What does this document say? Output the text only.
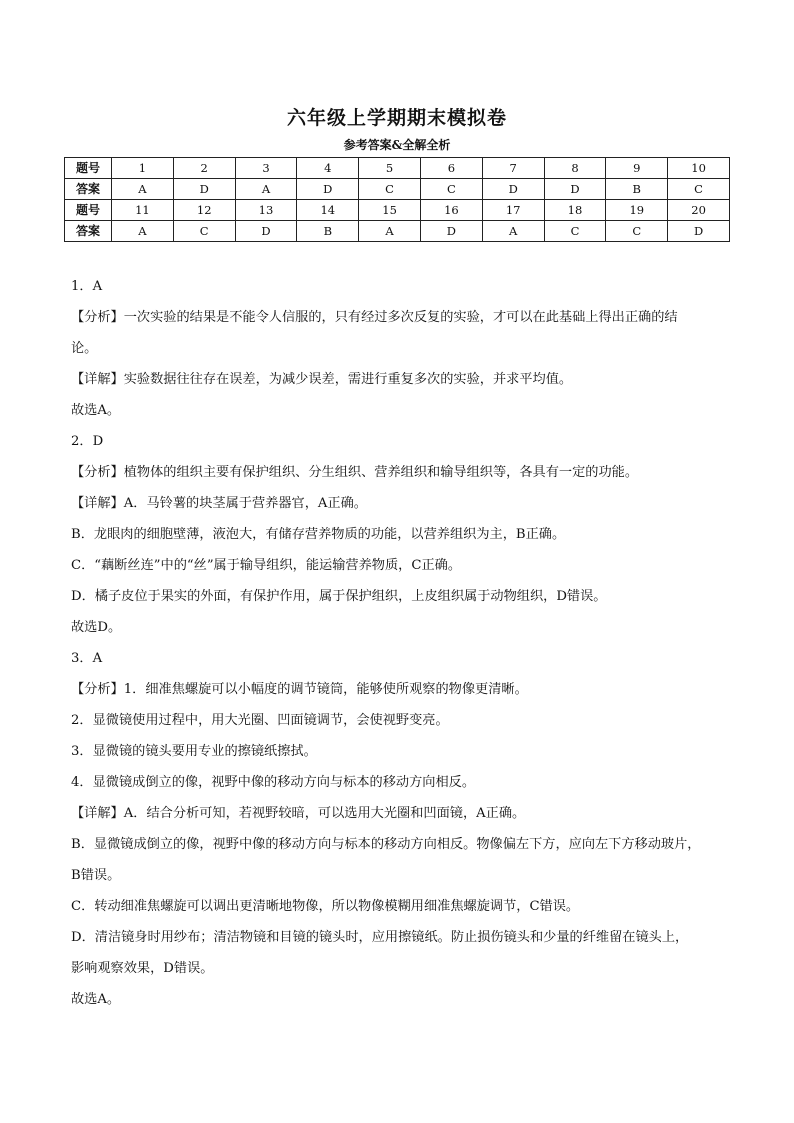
六年级上学期期末模拟卷
参考答案&全解全析
题号	1	2	3	4	5	6	7	8	9	10
答案	A	D	A	D	C	C	D	D	B	C
题号	11	12	13	14	15	16	17	18	19	20
答案	A	C	D	B	A	D	A	C	C	D

1．A

【分析】一次实验的结果是不能令人信服的，只有经过多次反复的实验，才可以在此基础上得出正确的结

论。

【详解】实验数据往往存在误差，为减少误差，需进行重复多次的实验，并求平均值。

故选A。

2．D

【分析】植物体的组织主要有保护组织、分生组织、营养组织和输导组织等，各具有一定的功能。

【详解】A．马铃薯的块茎属于营养器官，A正确。

B．龙眼肉的细胞壁薄，液泡大，有储存营养物质的功能，以营养组织为主，B正确。

C．“藕断丝连”中的“丝”属于输导组织，能运输营养物质，C正确。

D．橘子皮位于果实的外面，有保护作用，属于保护组织，上皮组织属于动物组织，D错误。

故选D。

3．A

【分析】1．细准焦螺旋可以小幅度的调节镜筒，能够使所观察的物像更清晰。

2．显微镜使用过程中，用大光圈、凹面镜调节，会使视野变亮。

3．显微镜的镜头要用专业的擦镜纸擦拭。

4．显微镜成倒立的像，视野中像的移动方向与标本的移动方向相反。

【详解】A．结合分析可知，若视野较暗，可以选用大光圈和凹面镜，A正确。

B．显微镜成倒立的像，视野中像的移动方向与标本的移动方向相反。物像偏左下方，应向左下方移动玻片，

B错误。

C．转动细准焦螺旋可以调出更清晰地物像，所以物像模糊用细准焦螺旋调节，C错误。

D．清洁镜身时用纱布；清洁物镜和目镜的镜头时，应用擦镜纸。防止损伤镜头和少量的纤维留在镜头上，

影响观察效果，D错误。

故选A。
